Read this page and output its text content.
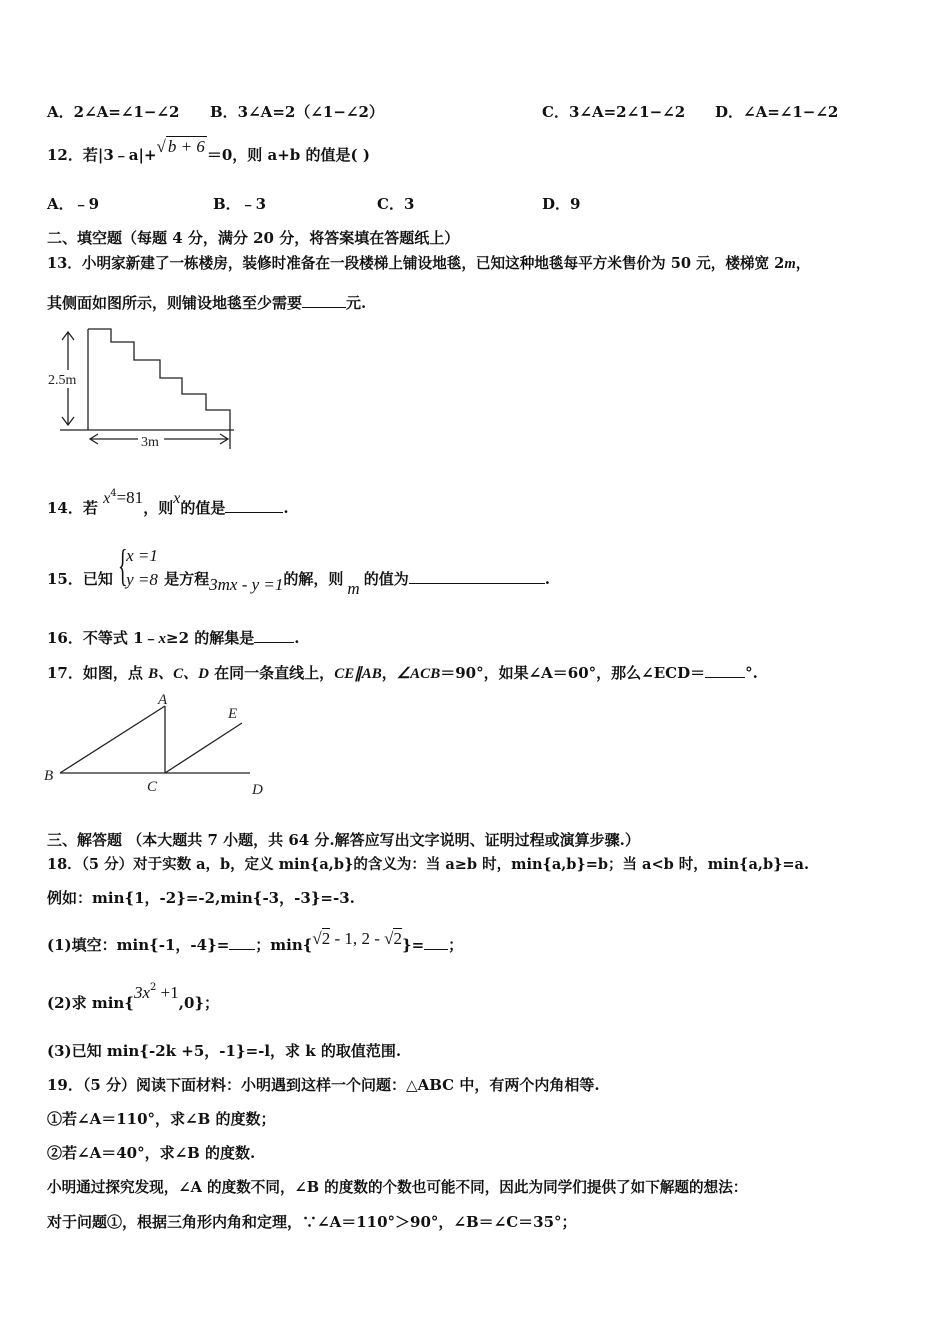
A．2∠A=∠1−∠2 B．3∠A=2（∠1−∠2）	C．3∠A=2∠1−∠2 D．∠A=∠1−∠2
12．若|3﹣a|+√ b + 6 ＝0，则 a+b 的值是( )
A．﹣9	B．﹣3	C．3	D．9
二、填空题（每题 4 分，满分 20 分，将答案填在答题纸上）
13．小明家新建了一栋楼房，装修时准备在一段楼梯上铺设地毯，已知这种地毯每平方米售价为 50 元，楼梯宽 2m，
其侧面如图所示，则铺设地毯至少需要	元.
2.5m
3m
14．若 $x^4=81$，则x的值是	.
15．已知 {
x =1
y =8 是方程3mx - y =1的解，则 m 的值为	.
16．不等式 1﹣x≥2 的解集是	.
17．如图，点 B、C、D 在同一条直线上，CE∥AB，∠ACB＝90°，如果∠A＝60°，那么∠ECD＝	°.
A
B
C	D
E
三、解答题 （本大题共 7 小题，共 64 分.解答应写出文字说明、证明过程或演算步骤.）
18．（5 分）对于实数 a，b，定义 min{a,b}的含义为：当 a≥b 时，min{a,b}=b；当 a<b 时，min{a,b}=a.
例如：min{1，-2}=-2,min{-3，-3}=-3.
(1)填空：min{-1，-4}= ；min{√2 - 1, 2 - √2}= ；
(2)求 $\min\{3x^2 +1,0\}$；
(3)已知 min{-2k +5，-1}=-l，求 k 的取值范围.
19．（5 分）阅读下面材料：小明遇到这样一个问题：△ABC 中，有两个内角相等.
①若∠A＝110°，求∠B 的度数；
②若∠A＝40°，求∠B 的度数.
小明通过探究发现，∠A 的度数不同，∠B 的度数的个数也可能不同，因此为同学们提供了如下解题的想法：
对于问题①，根据三角形内角和定理，∵∠A＝110°＞90°，∠B＝∠C＝35°；
